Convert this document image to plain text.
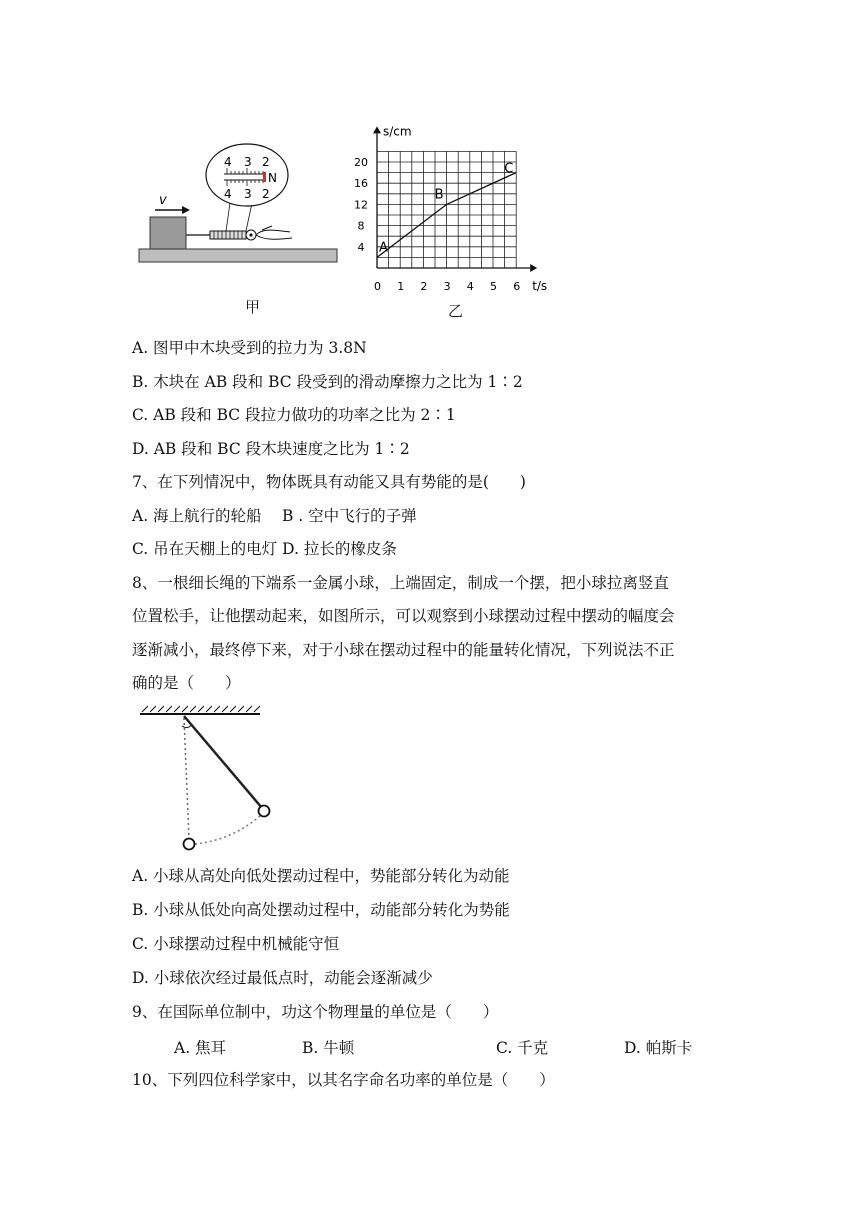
v
4 3 2
4 3 2
N
s/cm
t/s
0 1 2 3 4 5 6
4
8
12
16
20
A
B
C
甲	乙
A. 图甲中木块受到的拉力为 3.8N
B. 木块在 AB 段和 BC 段受到的滑动摩擦力之比为 1∶2
C. AB 段和 BC 段拉力做功的功率之比为 2∶1
D. AB 段和 BC 段木块速度之比为 1∶2
7、在下列情况中，物体既具有动能又具有势能的是(　　)
A. 海上航行的轮船　 B . 空中飞行的子弹
C. 吊在天棚上的电灯 D. 拉长的橡皮条
8、一根细长绳的下端系一金属小球，上端固定，制成一个摆，把小球拉离竖直
位置松手，让他摆动起来，如图所示，可以观察到小球摆动过程中摆动的幅度会
逐渐减小，最终停下来，对于小球在摆动过程中的能量转化情况，下列说法不正
确的是（　　）
A. 小球从高处向低处摆动过程中，势能部分转化为动能
B. 小球从低处向高处摆动过程中，动能部分转化为势能
C. 小球摆动过程中机械能守恒
D. 小球依次经过最低点时，动能会逐渐减少
9、在国际单位制中，功这个物理量的单位是（　　）
A. 焦耳	B. 牛顿	C. 千克	D. 帕斯卡
10、下列四位科学家中，以其名字命名功率的单位是（　　）
